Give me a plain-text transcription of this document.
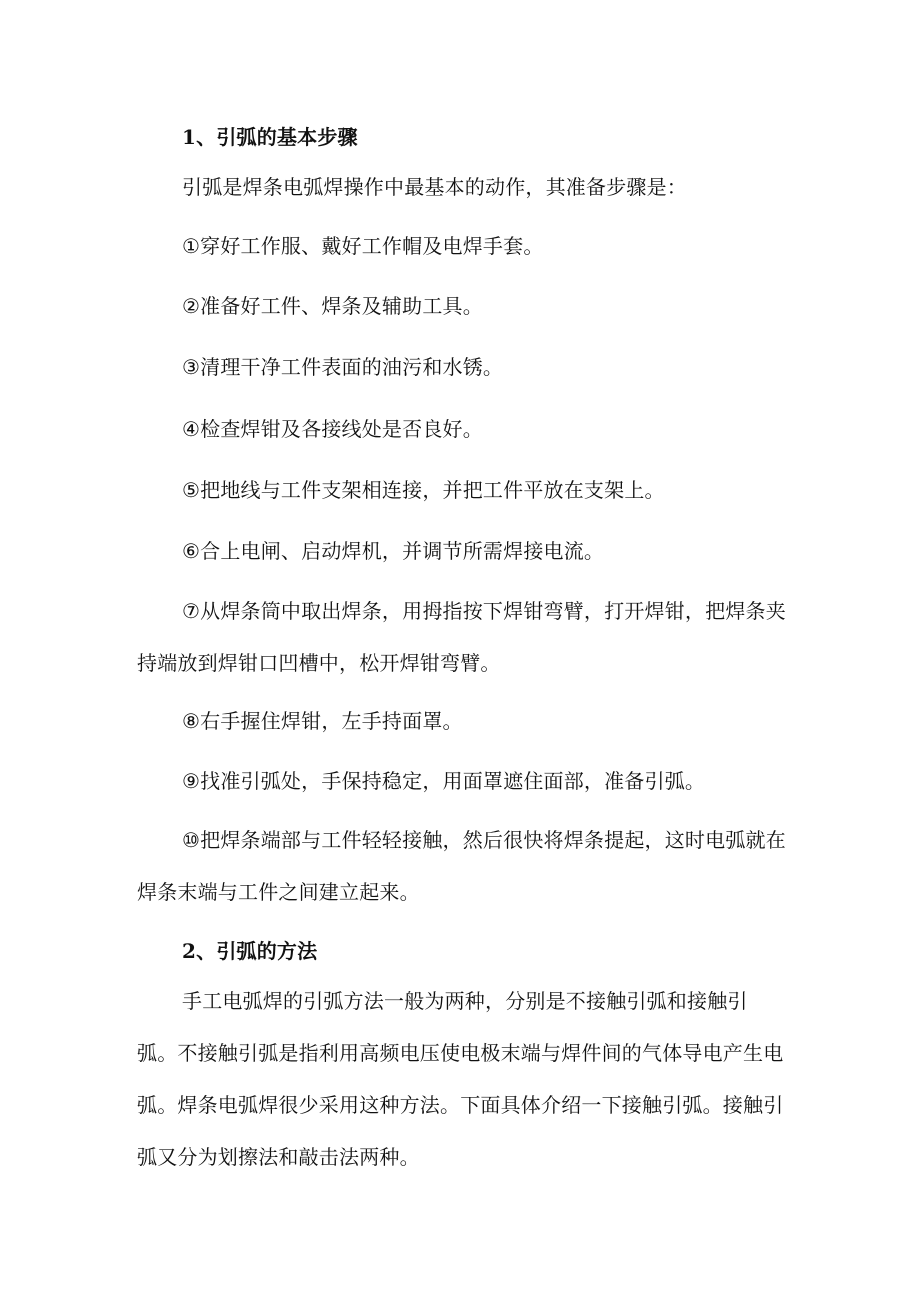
1、引弧的基本步骤
引弧是焊条电弧焊操作中最基本的动作，其准备步骤是：
①穿好工作服、戴好工作帽及电焊手套。
②准备好工件、焊条及辅助工具。
③清理干净工件表面的油污和水锈。
④检查焊钳及各接线处是否良好。
⑤把地线与工件支架相连接，并把工件平放在支架上。
⑥合上电闸、启动焊机，并调节所需焊接电流。
⑦从焊条筒中取出焊条，用拇指按下焊钳弯臂，打开焊钳，把焊条夹持端放到焊钳口凹槽中，松开焊钳弯臂。
⑧右手握住焊钳，左手持面罩。
⑨找准引弧处，手保持稳定，用面罩遮住面部，准备引弧。
⑩把焊条端部与工件轻轻接触，然后很快将焊条提起，这时电弧就在焊条末端与工件之间建立起来。
2、引弧的方法
手工电弧焊的引弧方法一般为两种，分别是不接触引弧和接触引弧。不接触引弧是指利用高频电压使电极末端与焊件间的气体导电产生电弧。焊条电弧焊很少采用这种方法。下面具体介绍一下接触引弧。接触引弧又分为划擦法和敲击法两种。
